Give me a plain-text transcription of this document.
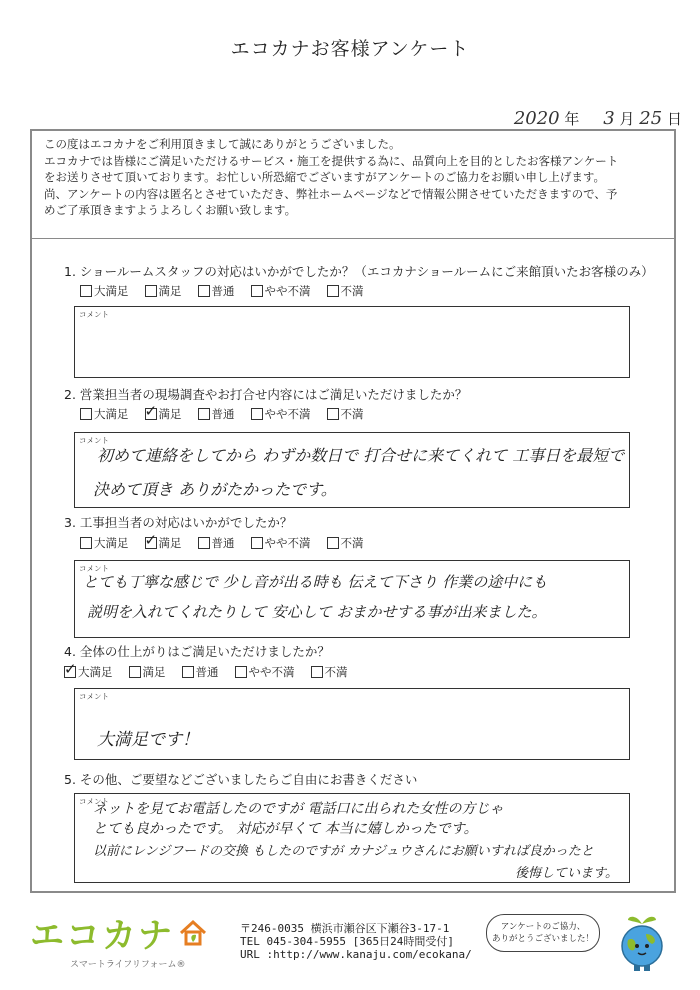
エコカナお客様アンケート
2020 年 3 月 25 日
この度はエコカナをご利用頂きまして誠にありがとうございました。
エコカナでは皆様にご満足いただけるサービス・施工を提供する為に、品質向上を目的としたお客様アンケート
をお送りさせて頂いております。お忙しい所恐縮でございますがアンケートのご協力をお願い申し上げます。
尚、アンケートの内容は匿名とさせていただき、弊社ホームページなどで情報公開させていただきますので、予
めご了承頂きますようよろしくお願い致します。
1. ショールームスタッフの対応はいかがでしたか？（エコカナショールームにご来館頂いたお客様のみ）
大満足	満足	普通	やや不満	不満
コメント
2. 営業担当者の現場調査やお打合せ内容にはご満足いただけましたか？
大満足 ✓	満足	普通	やや不満	不満
コメント
初めて連絡をしてから わずか数日で 打合せに来てくれて 工事日を最短で
決めて頂き ありがたかったです。
3. 工事担当者の対応はいかがでしたか？
大満足 ✓	満足	普通	やや不満	不満
コメント
とても丁寧な感じで 少し音が出る時も 伝えて下さり 作業の途中にも
説明を入れてくれたりして 安心して おまかせする事が出来ました。
4. 全体の仕上がりはご満足いただけましたか？
✓
大満足	満足	普通	やや不満	不満
コメント
大満足です！
5. その他、ご要望などございましたらご自由にお書きください
コメント
ネットを見てお電話したのですが 電話口に出られた女性の方じゃ
とても良かったです。 対応が早くて 本当に嬉しかったです。
以前にレンジフードの交換 もしたのですが カナジュウさんにお願いすれば良かったと
後悔しています。
エコカナ
スマートライフリフォーム®
〒246-0035 横浜市瀬谷区下瀬谷3-17-1
TEL 045-304-5955 [365日24時間受付]
URL :http://www.kanaju.com/ecokana/
アンケートのご協力、
ありがとうございました！
